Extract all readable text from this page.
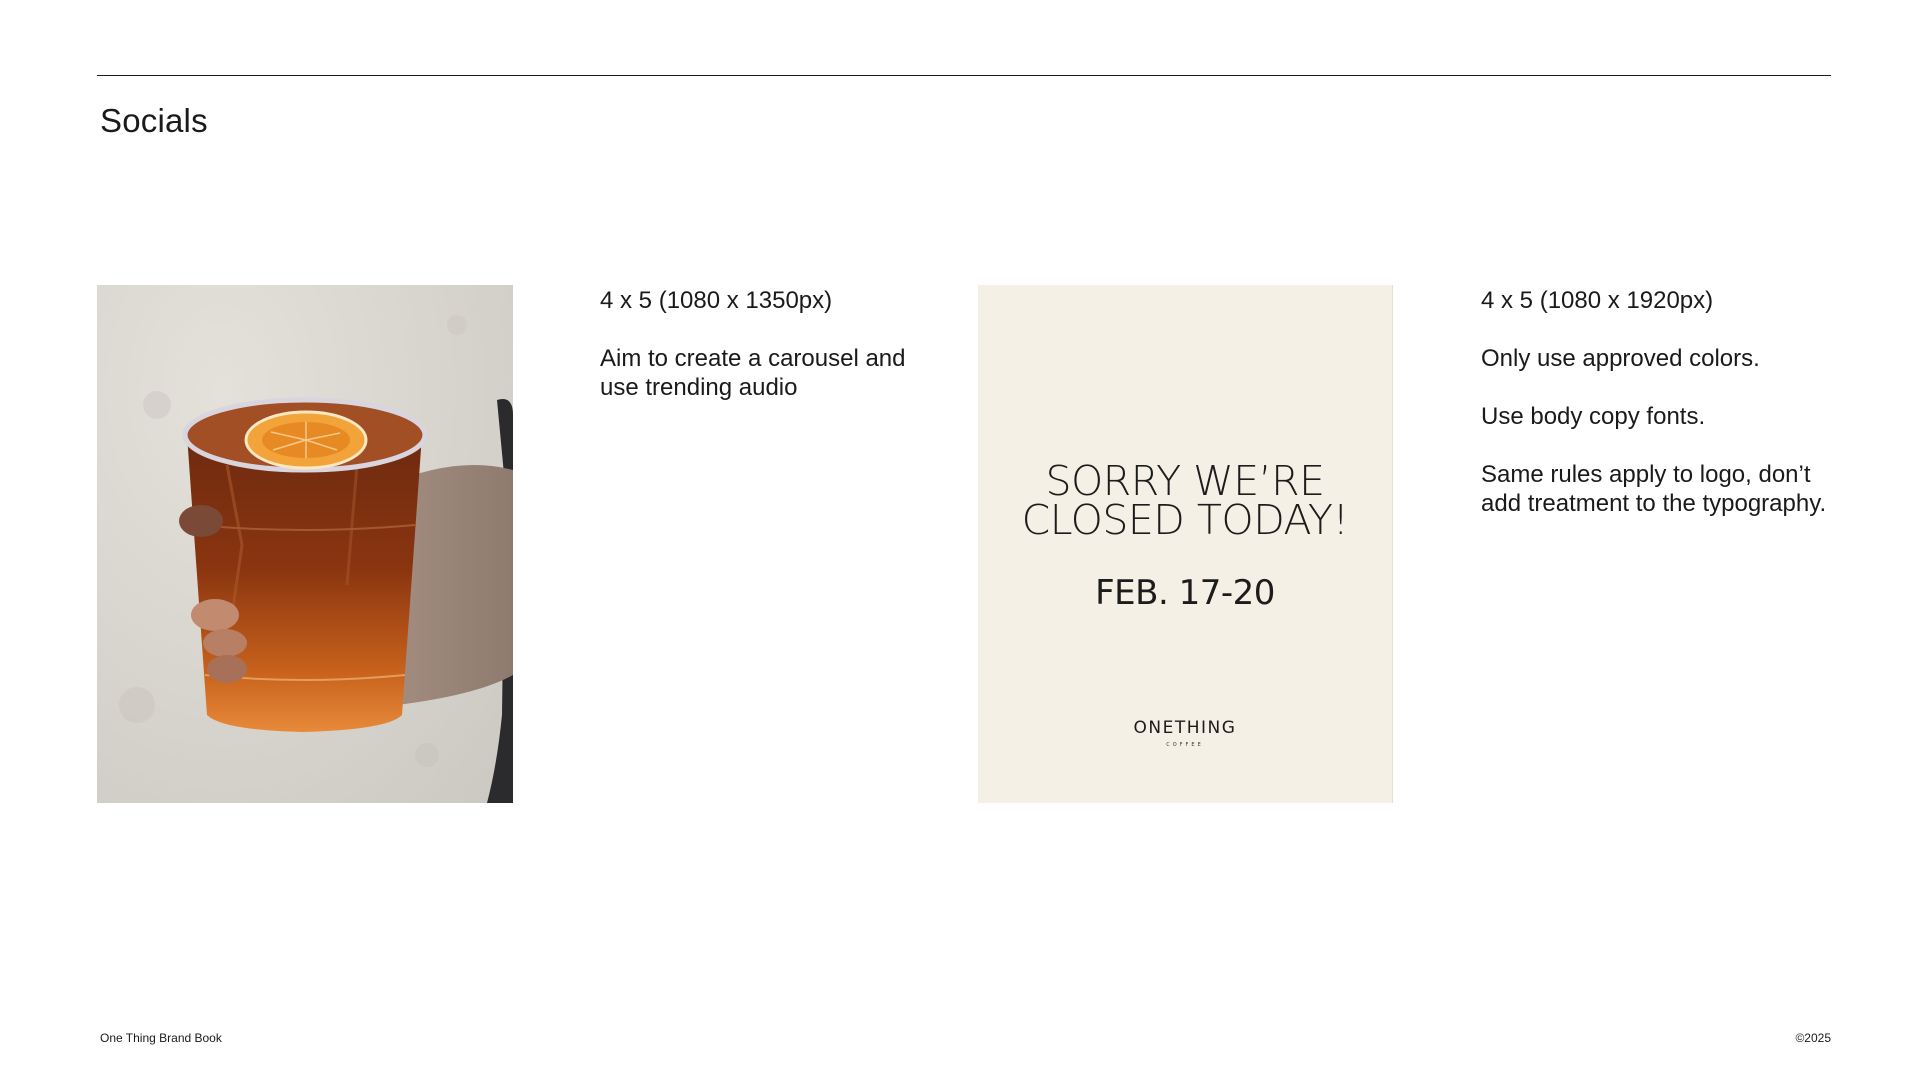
Socials

4 x 5 (1080 x 1350px)

Aim to create a carousel and use trending audio

SORRY WE’RE
CLOSED TODAY!
FEB. 17-20
ONETHING
COFFEE

4 x 5 (1080 x 1920px)

Only use approved colors.

Use body copy fonts.

Same rules apply to logo, don’t add treatment to the typography.

One Thing Brand Book	©2025
